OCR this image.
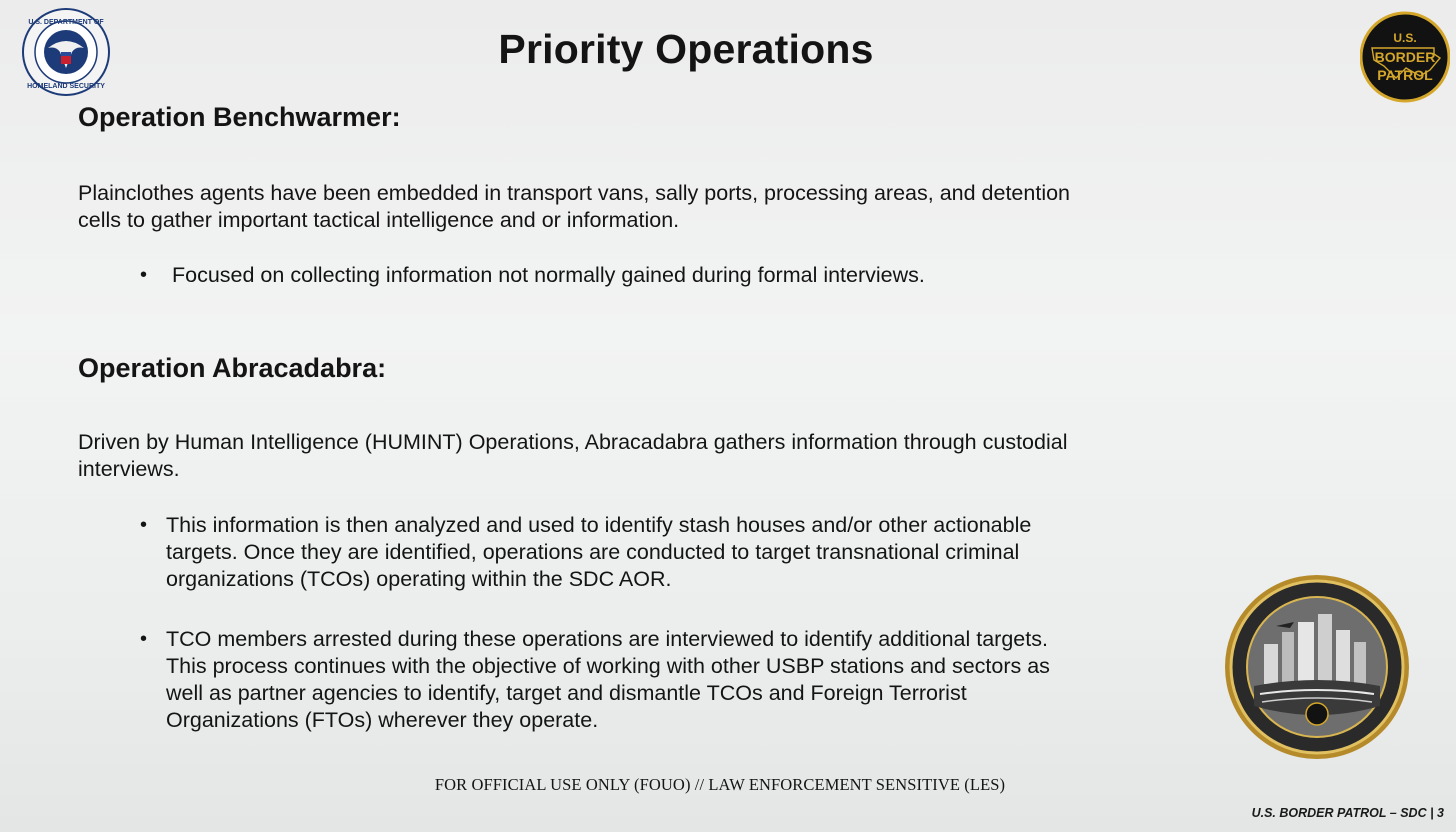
U.S. DEPARTMENT OF
HOMELAND SECURITY
Priority Operations	U.S.
BORDER
PATROL
Operation Benchwarmer:
Plainclothes agents have been embedded in transport vans, sally ports, processing areas, and detention
cells to gather important tactical intelligence and or information.
• Focused on collecting information not normally gained during formal interviews.
Operation Abracadabra:
Driven by Human Intelligence (HUMINT) Operations, Abracadabra gathers information through custodial
interviews.
• This information is then analyzed and used to identify stash houses and/or other actionable
targets. Once they are identified, operations are conducted to target transnational criminal
organizations (TCOs) operating within the SDC AOR.
• TCO members arrested during these operations are interviewed to identify additional targets.
This process continues with the objective of working with other USBP stations and sectors as
well as partner agencies to identify, target and dismantle TCOs and Foreign Terrorist
Organizations (FTOs) wherever they operate.
FOR OFFICIAL USE ONLY (FOUO) // LAW ENFORCEMENT SENSITIVE (LES)
U.S. BORDER PATROL – SDC | 3
